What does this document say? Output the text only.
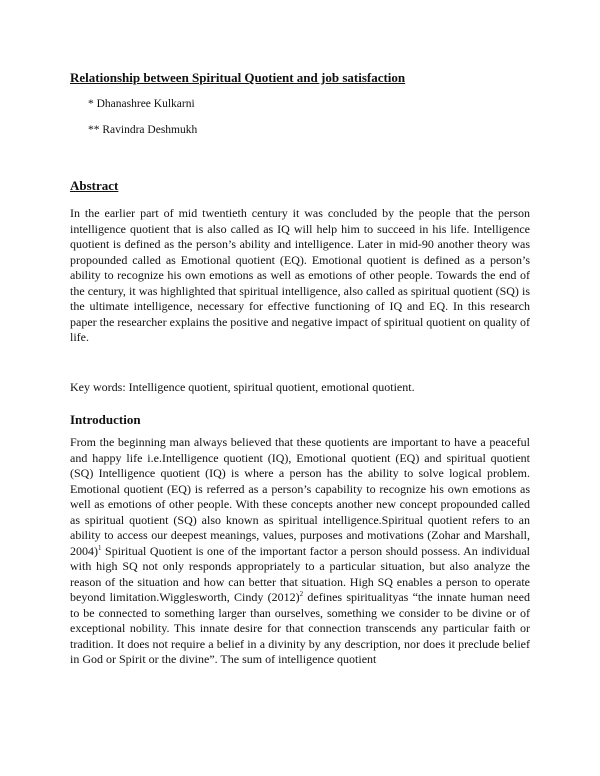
Relationship between Spiritual Quotient and job satisfaction
* Dhanashree Kulkarni
** Ravindra Deshmukh
Abstract

In the earlier part of mid twentieth century it was concluded by the people that the person intelligence quotient that is also called as IQ will help him to succeed in his life. Intelligence quotient is defined as the person’s ability and intelligence. Later in mid-90 another theory was propounded called as Emotional quotient (EQ). Emotional quotient is defined as a person’s ability to recognize his own emotions as well as emotions of other people. Towards the end of the century, it was highlighted that spiritual intelligence, also called as spiritual quotient (SQ) is the ultimate intelligence, necessary for effective functioning of IQ and EQ. In this research paper the researcher explains the positive and negative impact of spiritual quotient on quality of life.

Key words: Intelligence quotient, spiritual quotient, emotional quotient.

Introduction

From the beginning man always believed that these quotients are important to have a peaceful and happy life i.e.Intelligence quotient (IQ), Emotional quotient (EQ) and spiritual quotient (SQ) Intelligence quotient (IQ) is where a person has the ability to solve logical problem. Emotional quotient (EQ) is referred as a person’s capability to recognize his own emotions as well as emotions of other people. With these concepts another new concept propounded called as spiritual quotient (SQ) also known as spiritual intelligence.Spiritual quotient refers to an ability to access our deepest meanings, values, purposes and motivations (Zohar and Marshall, 2004)$^1$ Spiritual Quotient is one of the important factor a person should possess. An individual with high SQ not only responds appropriately to a particular situation, but also analyze the reason of the situation and how can better that situation. High SQ enables a person to operate beyond limitation.Wigglesworth, Cindy $(2012)^2$ defines spiritualityas “the innate human need to be connected to something larger than ourselves, something we consider to be divine or of exceptional nobility. This innate desire for that connection transcends any particular faith or tradition. It does not require a belief in a divinity by any description, nor does it preclude belief in God or Spirit or the divine”. The sum of intelligence quotient
